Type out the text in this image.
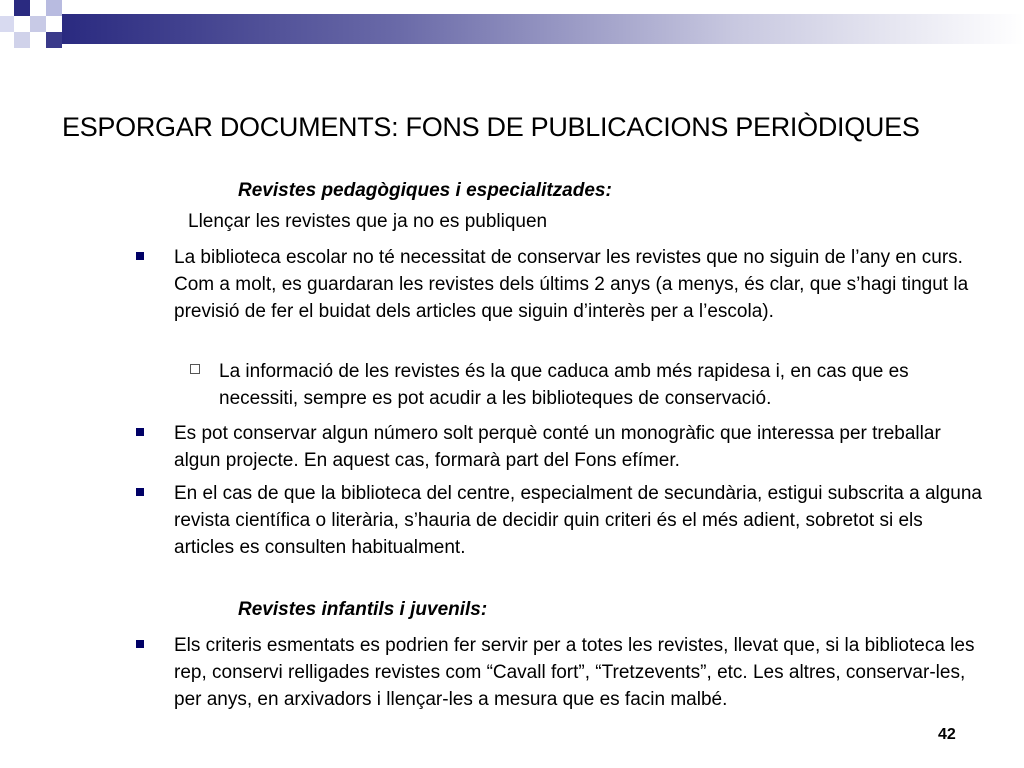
ESPORGAR DOCUMENTS: FONS DE PUBLICACIONS PERIÒDIQUES
Revistes pedagògiques i especialitzades:
Llençar les revistes que ja no es publiquen
La biblioteca escolar no té necessitat de conservar les revistes que no siguin de l’any en curs. Com a molt, es guardaran les revistes dels últims 2 anys (a menys, és clar, que s’hagi tingut la previsió de fer el buidat dels articles que siguin d’interès per a l’escola).
La informació de les revistes és la que caduca amb més rapidesa i, en cas que es necessiti, sempre es pot acudir a les biblioteques de conservació.
Es pot conservar algun número solt perquè conté un monogràfic que interessa per treballar algun projecte. En aquest cas, formarà part del Fons efímer.
En el cas de que la biblioteca del centre, especialment de secundària, estigui subscrita a alguna revista científica o literària, s’hauria de decidir quin criteri és el més adient, sobretot si els articles es consulten habitualment.
Revistes infantils i juvenils:
Els criteris esmentats es podrien fer servir per a totes les revistes, llevat que, si la biblioteca les rep, conservi relligades revistes com “Cavall fort”, “Tretzevents”, etc. Les altres, conservar-les, per anys, en arxivadors i llençar-les a mesura que es facin malbé.
42
